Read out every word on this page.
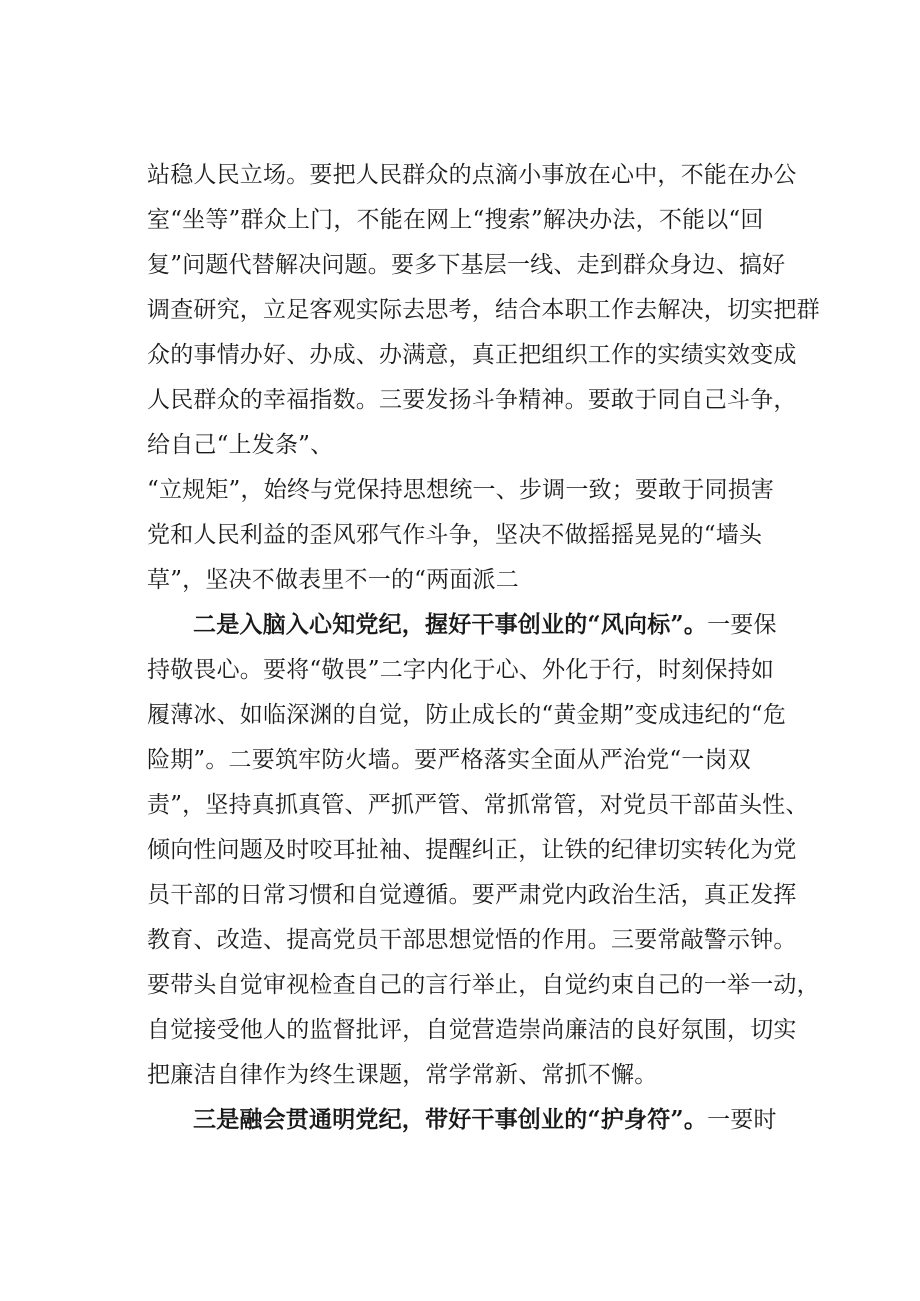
站稳人民立场。要把人民群众的点滴小事放在心中，不能在办公
室“坐等”群众上门，不能在网上“搜索”解决办法，不能以“回
复”问题代替解决问题。要多下基层一线、走到群众身边、搞好
调查研究，立足客观实际去思考，结合本职工作去解决，切实把群
众的事情办好、办成、办满意，真正把组织工作的实绩实效变成
人民群众的幸福指数。三要发扬斗争精神。要敢于同自己斗争，
给自己“上发条”、
“立规矩”，始终与党保持思想统一、步调一致；要敢于同损害
党和人民利益的歪风邪气作斗争，坚决不做摇摇晃晃的“墙头
草”，坚决不做表里不一的“两面派二
二是入脑入心知党纪，握好干事创业的“风向标”。一要保
持敬畏心。要将“敬畏”二字内化于心、外化于行，时刻保持如
履薄冰、如临深渊的自觉，防止成长的“黄金期”变成违纪的“危
险期”。二要筑牢防火墙。要严格落实全面从严治党“一岗双
责”，坚持真抓真管、严抓严管、常抓常管，对党员干部苗头性、
倾向性问题及时咬耳扯袖、提醒纠正，让铁的纪律切实转化为党
员干部的日常习惯和自觉遵循。要严肃党内政治生活，真正发挥
教育、改造、提高党员干部思想觉悟的作用。三要常敲警示钟。
要带头自觉审视检查自己的言行举止，自觉约束自己的一举一动，
自觉接受他人的监督批评，自觉营造崇尚廉洁的良好氛围，切实
把廉洁自律作为终生课题，常学常新、常抓不懈。
三是融会贯通明党纪，带好干事创业的“护身符”。一要时
